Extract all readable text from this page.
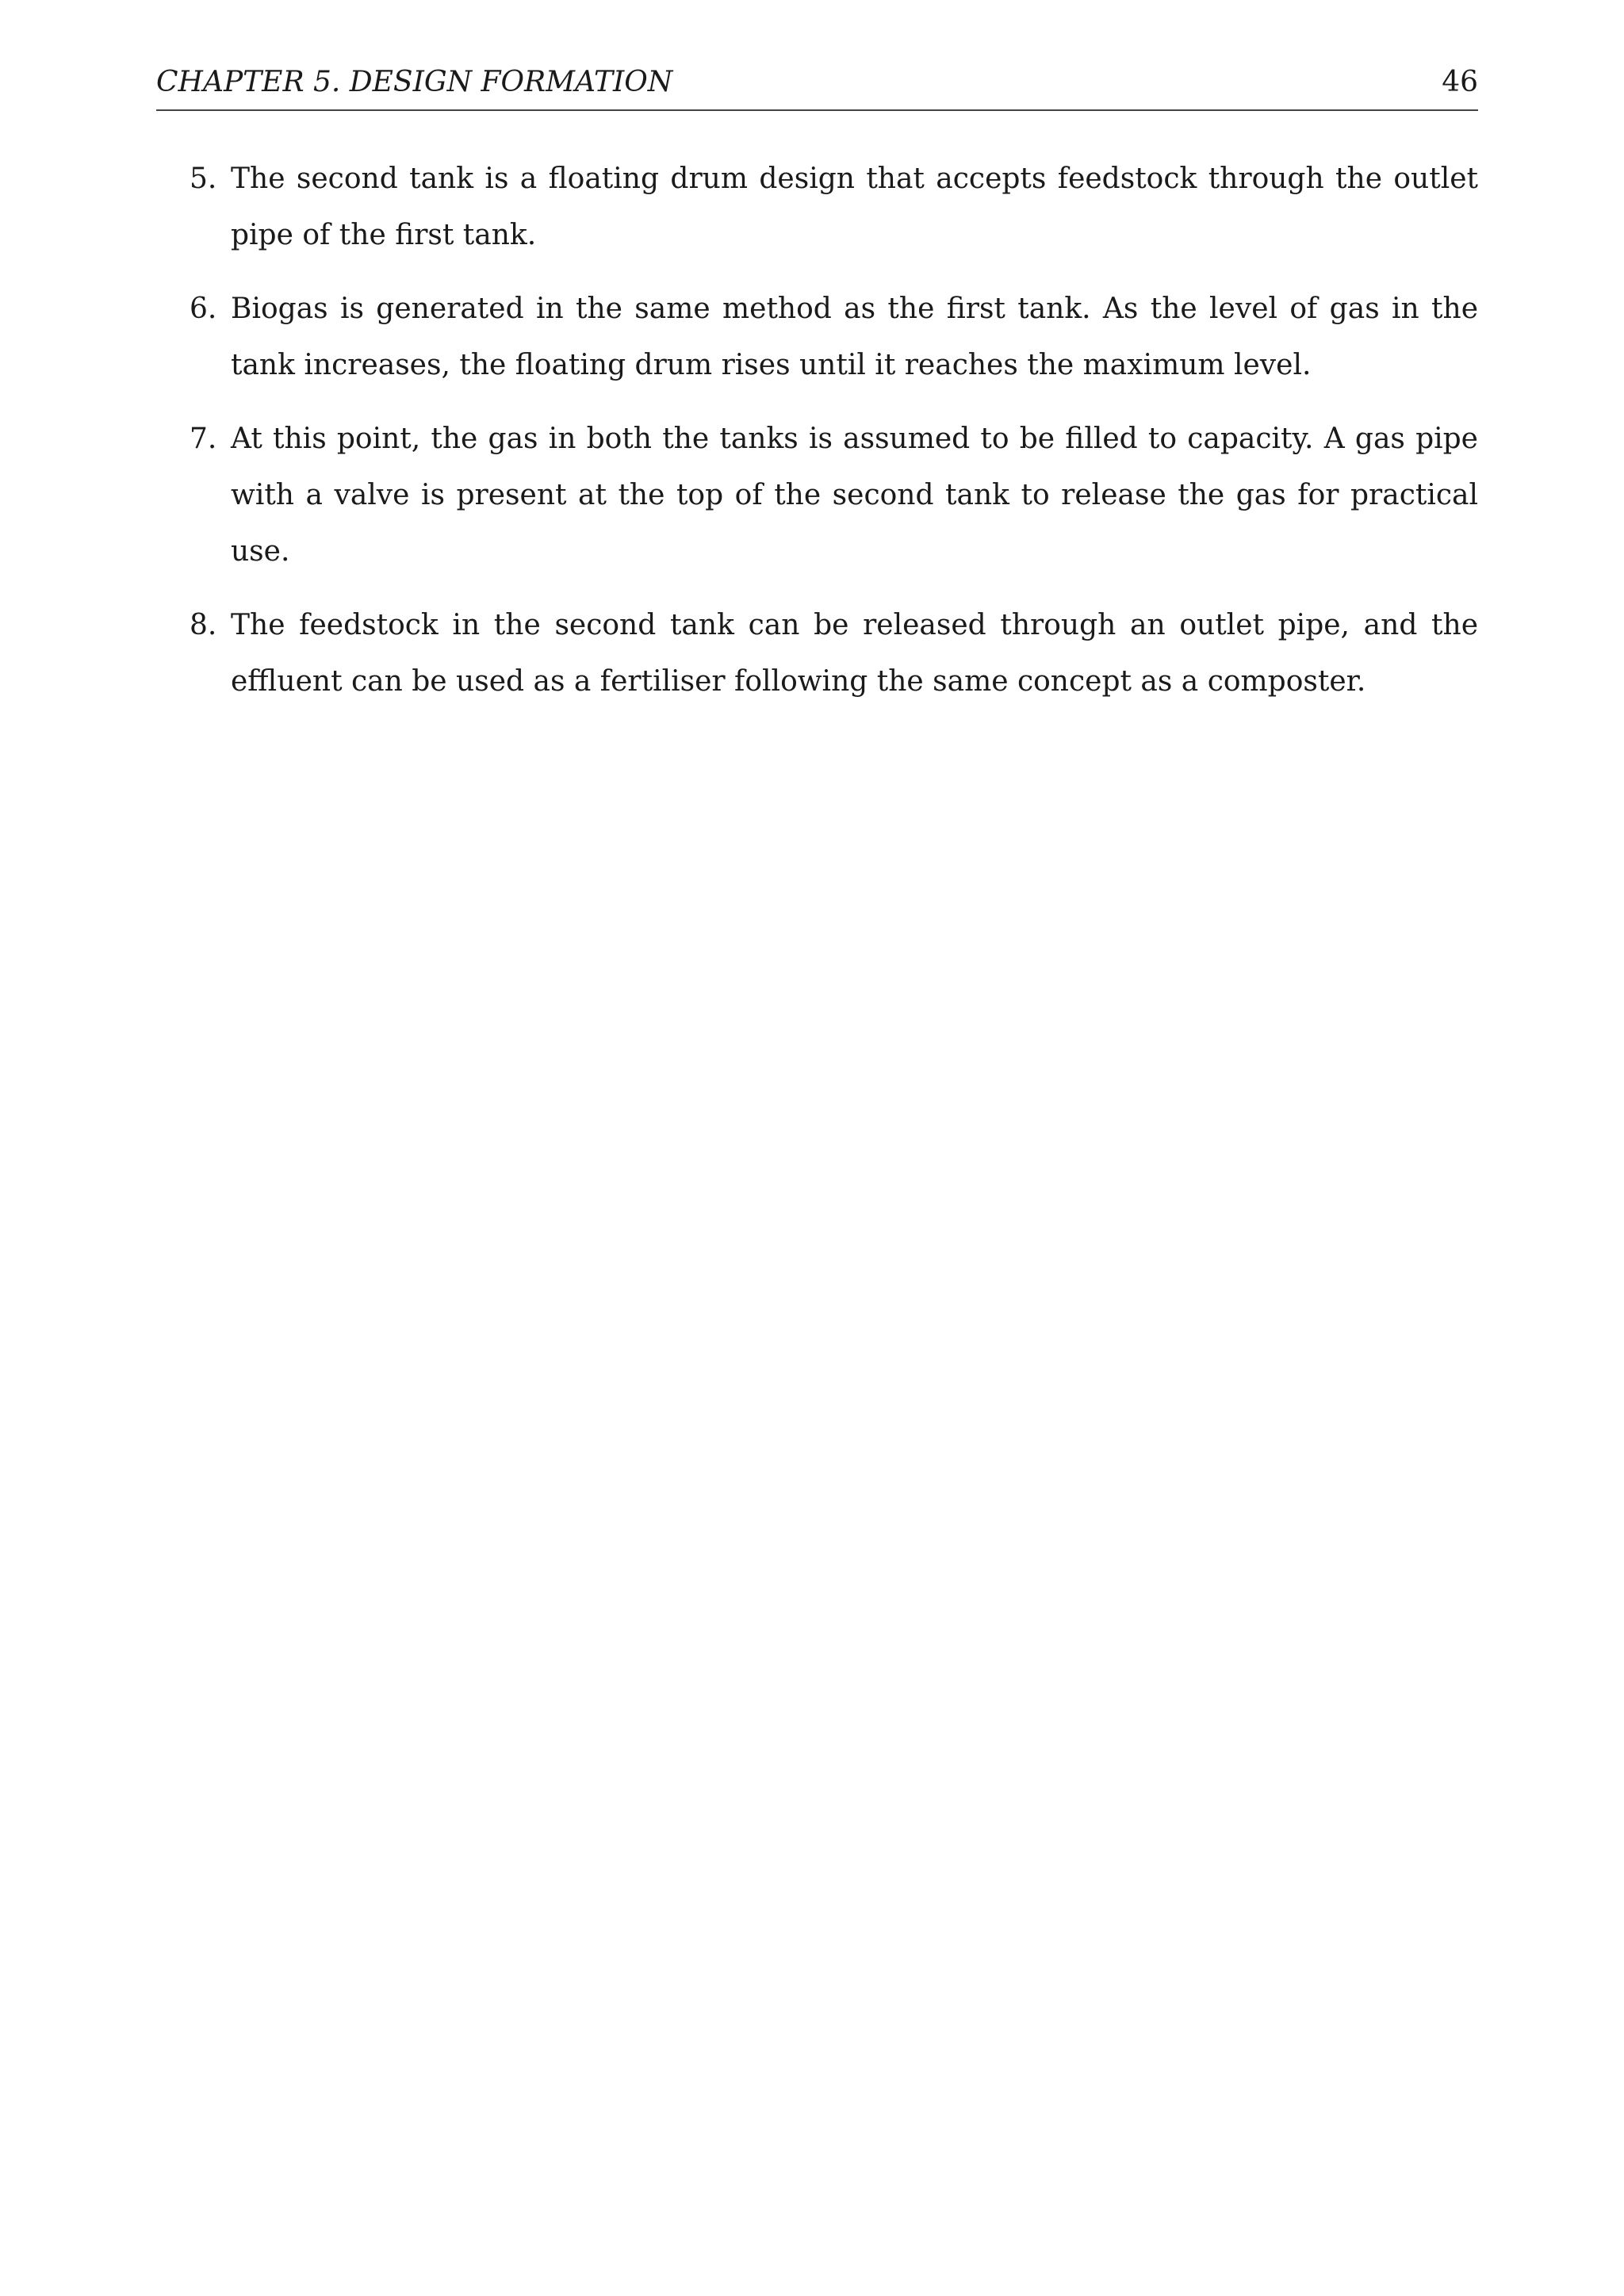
CHAPTER 5. DESIGN FORMATION	46
5. The second tank is a floating drum design that accepts feedstock through the outlet pipe of the first tank.
6. Biogas is generated in the same method as the first tank. As the level of gas in the tank increases, the floating drum rises until it reaches the maximum level.
7. At this point, the gas in both the tanks is assumed to be filled to capacity. A gas pipe with a valve is present at the top of the second tank to release the gas for practical use.
8. The feedstock in the second tank can be released through an outlet pipe, and the effluent can be used as a fertiliser following the same concept as a composter.
